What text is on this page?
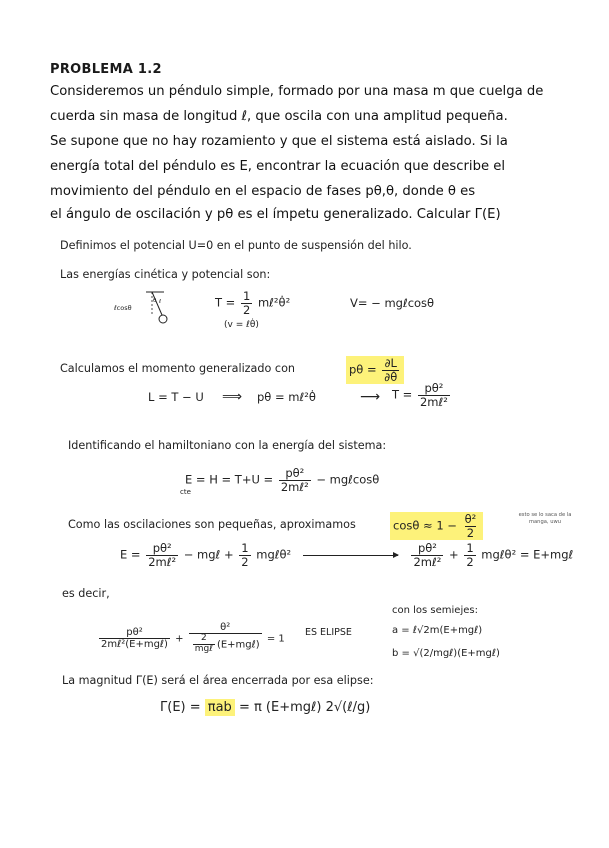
PROBLEMA 1.2
Consideremos un péndulo simple, formado por una masa m que cuelga de
cuerda sin masa de longitud ℓ, que oscila con una amplitud pequeña.
Se supone que no hay rozamiento y que el sistema está aislado. Si la
energía total del péndulo es E, encontrar la ecuación que describe el
movimiento del péndulo en el espacio de fases pθ,θ, donde θ es
el ángulo de oscilación y pθ es el ímpetu generalizado. Calcular Γ(E)
Definimos el potencial U=0 en el punto de suspensión del hilo.
Las energías cinética y potencial son:
ℓcosθ
θ ℓ	$T = \frac{1}{2}$ mℓ²θ̇²
(v = ℓθ̇)
V= − mgℓcosθ
Calculamos el momento generalizado con	$p\theta = \frac{\partial L}{\partial\thetȧ}$
L = T − U ⟹ pθ = mℓ²θ̇	⟶ $T = \frac{\text{pθ²}}{\text{2mℓ²}}$
Identificando el hamiltoniano con la energía del sistema:
$E = H = T+U = \frac{\text{pθ²}}{\text{2mℓ²}}$ − mgℓcosθ
cte
Como las oscilaciones son pequeñas, aproximamos	$\cos\theta \approx 1 - \frac{\text{θ²}}{2}$	esto se lo saca de la manga, uwu
$E = \frac{\text{pθ²}}{\text{2mℓ²}}$ − mgℓ + $\frac{1}{2}$ mgℓθ²	$\frac{\text{pθ²}}{\text{2mℓ²}} + \frac{1}{2}$ mgℓθ² = E+mgℓ
es decir,
con los semiejes:
$\frac{\text{pθ²}}{\text{2mℓ²(E+mgℓ)}} + \frac{\text{θ²}}{\frac{2}{\text{mgℓ}} (E+mg\ell)} = 1$
ES ELIPSE	a = ℓ√2m(E+mgℓ)
b = √(2/mgℓ)(E+mgℓ)
La magnitud Γ(E) será el área encerrada por esa elipse:
Γ(E) = πab = π (E+mgℓ) 2√(ℓ/g)
